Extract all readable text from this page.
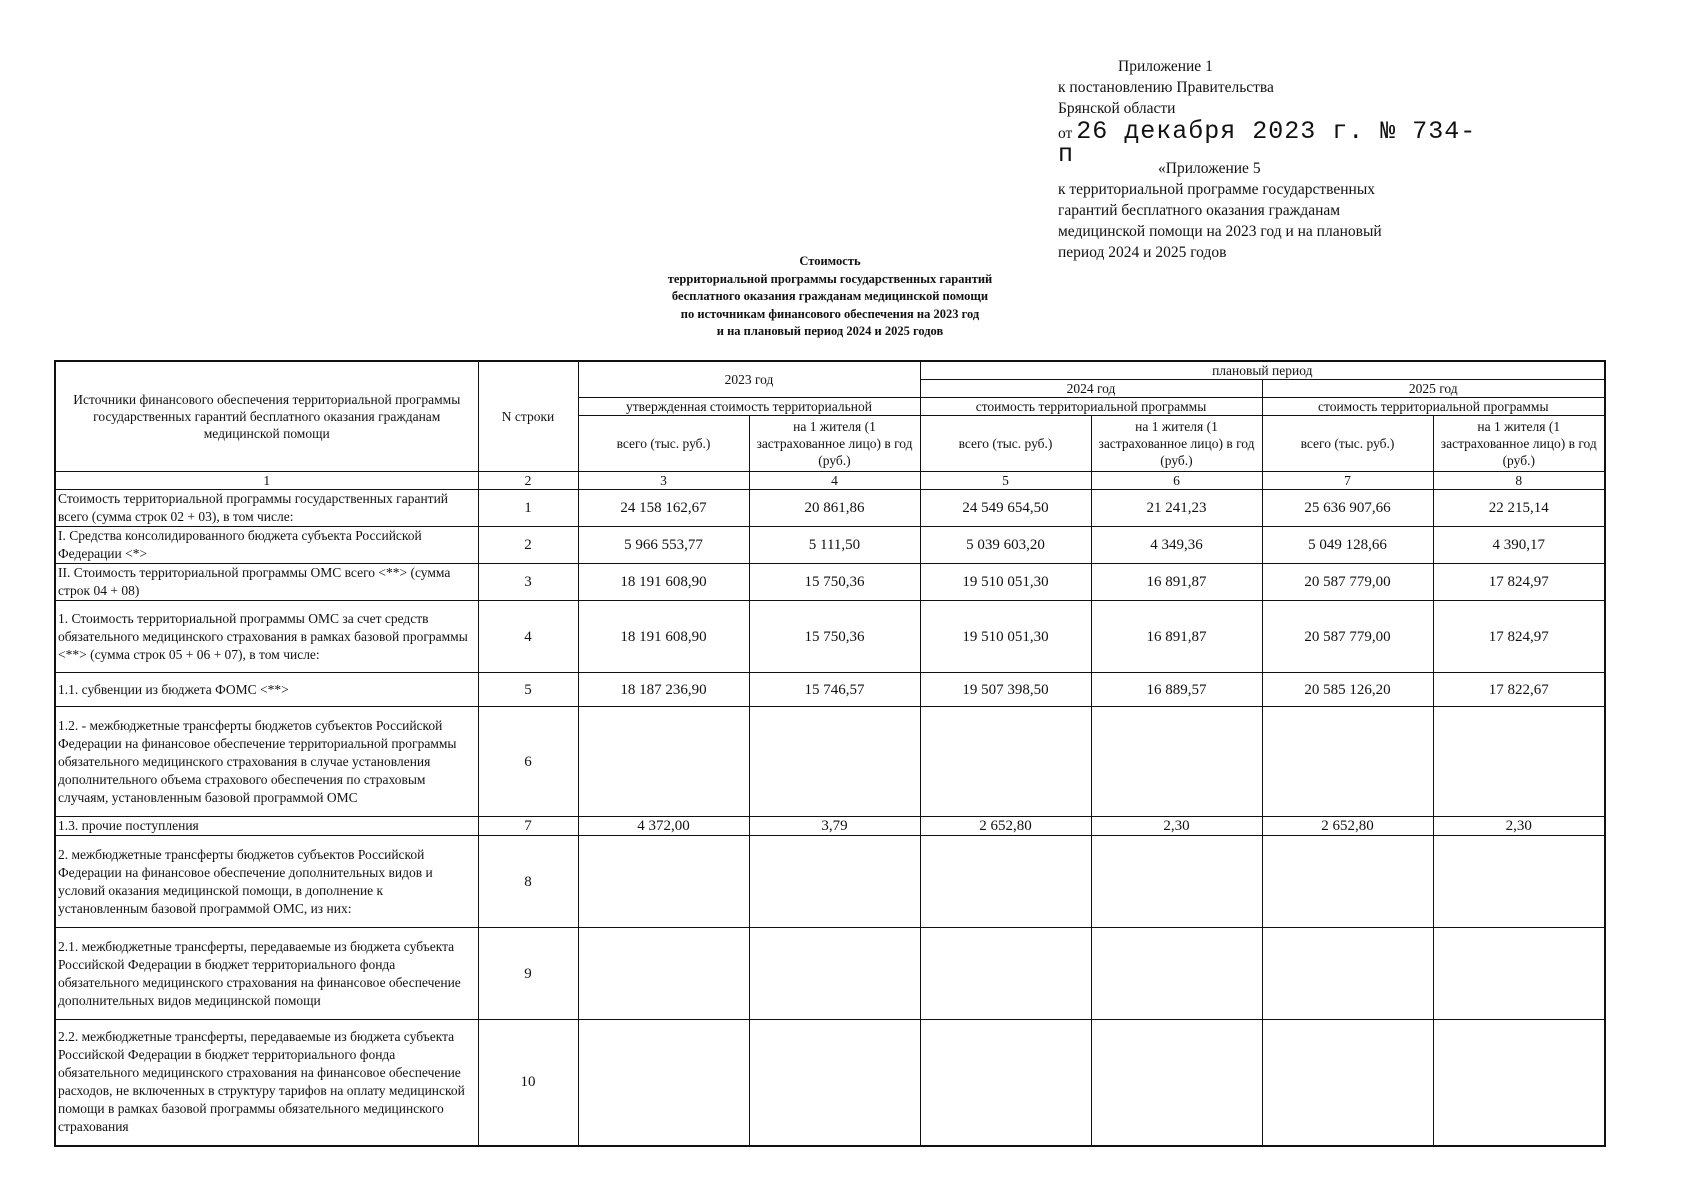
Приложение 1
к постановлению Правительства
Брянской области
от 26 декабря 2023 г. № 734-п	«Приложение 5
к территориальной программе государственных
гарантий бесплатного оказания гражданам
медицинской помощи на 2023 год и на плановый
период 2024 и 2025 годов
Стоимость
территориальной программы государственных гарантий
бесплатного оказания гражданам медицинской помощи
по источникам финансового обеспечения на 2023 год
и на плановый период 2024 и 2025 годов
Источники финансового обеспечения территориальной программы государственных гарантий бесплатного оказания гражданам медицинской помощи	N строки	2023 год		плановый период			
				2024 год		2025 год	
		утвержденная стоимость территориальной		стоимость территориальной программы		стоимость территориальной программы	
		всего (тыс. руб.)	на 1 жителя (1 застрахованное лицо) в год (руб.)	всего (тыс. руб.)	на 1 жителя (1 застрахованное лицо) в год (руб.)	всего (тыс. руб.)	на 1 жителя (1 застрахованное лицо) в год (руб.)
1	2	3	4	5	6	7	8
Стоимость территориальной программы государственных гарантий всего (сумма строк 02 + 03), в том числе:	1	24 158 162,67	20 861,86	24 549 654,50	21 241,23	25 636 907,66	22 215,14
I. Средства консолидированного бюджета субъекта Российской Федерации <*>	2	5 966 553,77	5 111,50	5 039 603,20	4 349,36	5 049 128,66	4 390,17
II. Стоимость территориальной программы ОМС всего <**> (сумма строк 04 + 08)	3	18 191 608,90	15 750,36	19 510 051,30	16 891,87	20 587 779,00	17 824,97
1. Стоимость территориальной программы ОМС за счет средств обязательного медицинского страхования в рамках базовой программы <**> (сумма строк 05 + 06 + 07), в том числе:	4	18 191 608,90	15 750,36	19 510 051,30	16 891,87	20 587 779,00	17 824,97
1.1. субвенции из бюджета ФОМС <**>	5	18 187 236,90	15 746,57	19 507 398,50	16 889,57	20 585 126,20	17 822,67
1.2. - межбюджетные трансферты бюджетов субъектов Российской Федерации на финансовое обеспечение территориальной программы обязательного медицинского страхования в случае установления дополнительного объема страхового обеспечения по страховым случаям, установленным базовой программой ОМС	6						
1.3. прочие поступления	7	4 372,00	3,79	2 652,80	2,30	2 652,80	2,30
2. межбюджетные трансферты бюджетов субъектов Российской Федерации на финансовое обеспечение дополнительных видов и условий оказания медицинской помощи, в дополнение к установленным базовой программой ОМС, из них:	8						
2.1. межбюджетные трансферты, передаваемые из бюджета субъекта Российской Федерации в бюджет территориального фонда обязательного медицинского страхования на финансовое обеспечение дополнительных видов медицинской помощи	9						
2.2. межбюджетные трансферты, передаваемые из бюджета субъекта Российской Федерации в бюджет территориального фонда обязательного медицинского страхования на финансовое обеспечение расходов, не включенных в структуру тарифов на оплату медицинской помощи в рамках базовой программы обязательного медицинского страхования	10						
